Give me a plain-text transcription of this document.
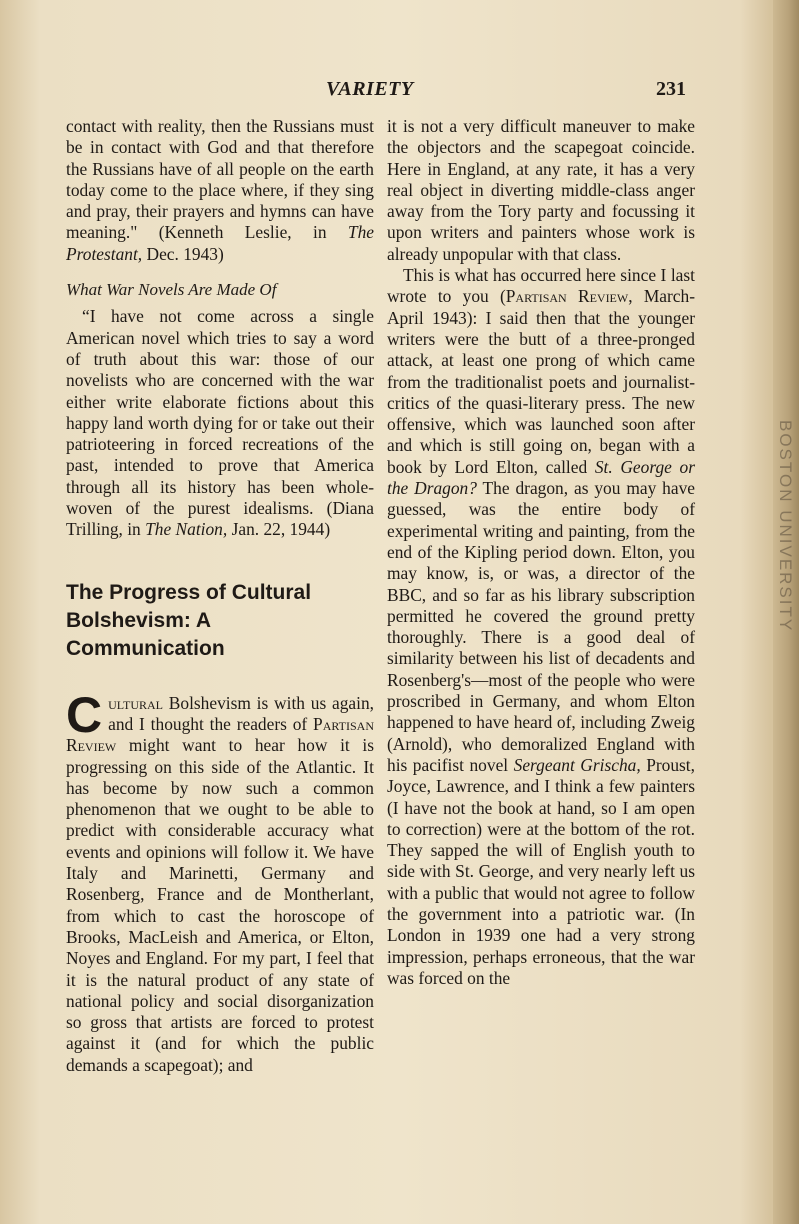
BOSTON UNIVERSITY
VARIETY	231

contact with reality, then the Russians must be in contact with God and that therefore the Russians have of all people on the earth today come to the place where, if they sing and pray, their prayers and hymns can have meaning." (Kenneth Leslie, in The Protestant, Dec. 1943)

What War Novels Are Made Of

“I have not come across a single American novel which tries to say a word of truth about this war: those of our novelists who are concerned with the war either write elaborate fictions about this happy land worth dying for or take out their patrioteering in forced recreations of the past, intended to prove that America through all its history has been whole-woven of the purest idealisms. (Diana Trilling, in The Nation, Jan. 22, 1944)

The Progress of Cultural Bolshevism: A Communication

Cultural Bolshevism is with us again, and I thought the readers of Partisan Review might want to hear how it is progressing on this side of the Atlantic. It has become by now such a common phenomenon that we ought to be able to predict with considerable accuracy what events and opinions will follow it. We have Italy and Marinetti, Germany and Rosenberg, France and de Montherlant, from which to cast the horoscope of Brooks, MacLeish and America, or Elton, Noyes and England. For my part, I feel that it is the natural product of any state of national policy and social disorganization so gross that artists are forced to protest against it (and for which the public demands a scapegoat); and

it is not a very difficult maneuver to make the objectors and the scapegoat coincide. Here in England, at any rate, it has a very real object in diverting middle-class anger away from the Tory party and focussing it upon writers and painters whose work is already unpopular with that class.

This is what has occurred here since I last wrote to you (Partisan Review, March-April 1943): I said then that the younger writers were the butt of a three-pronged attack, at least one prong of which came from the traditionalist poets and journalist-critics of the quasi-literary press. The new offensive, which was launched soon after and which is still going on, began with a book by Lord Elton, called St. George or the Dragon? The dragon, as you may have guessed, was the entire body of experimental writing and painting, from the end of the Kipling period down. Elton, you may know, is, or was, a director of the BBC, and so far as his library subscription permitted he covered the ground pretty thoroughly. There is a good deal of similarity between his list of decadents and Rosenberg's—most of the people who were proscribed in Germany, and whom Elton happened to have heard of, including Zweig (Arnold), who demoralized England with his pacifist novel Sergeant Grischa, Proust, Joyce, Lawrence, and I think a few painters (I have not the book at hand, so I am open to correction) were at the bottom of the rot. They sapped the will of English youth to side with St. George, and very nearly left us with a public that would not agree to follow the government into a patriotic war. (In London in 1939 one had a very strong impression, perhaps erroneous, that the war was forced on the
